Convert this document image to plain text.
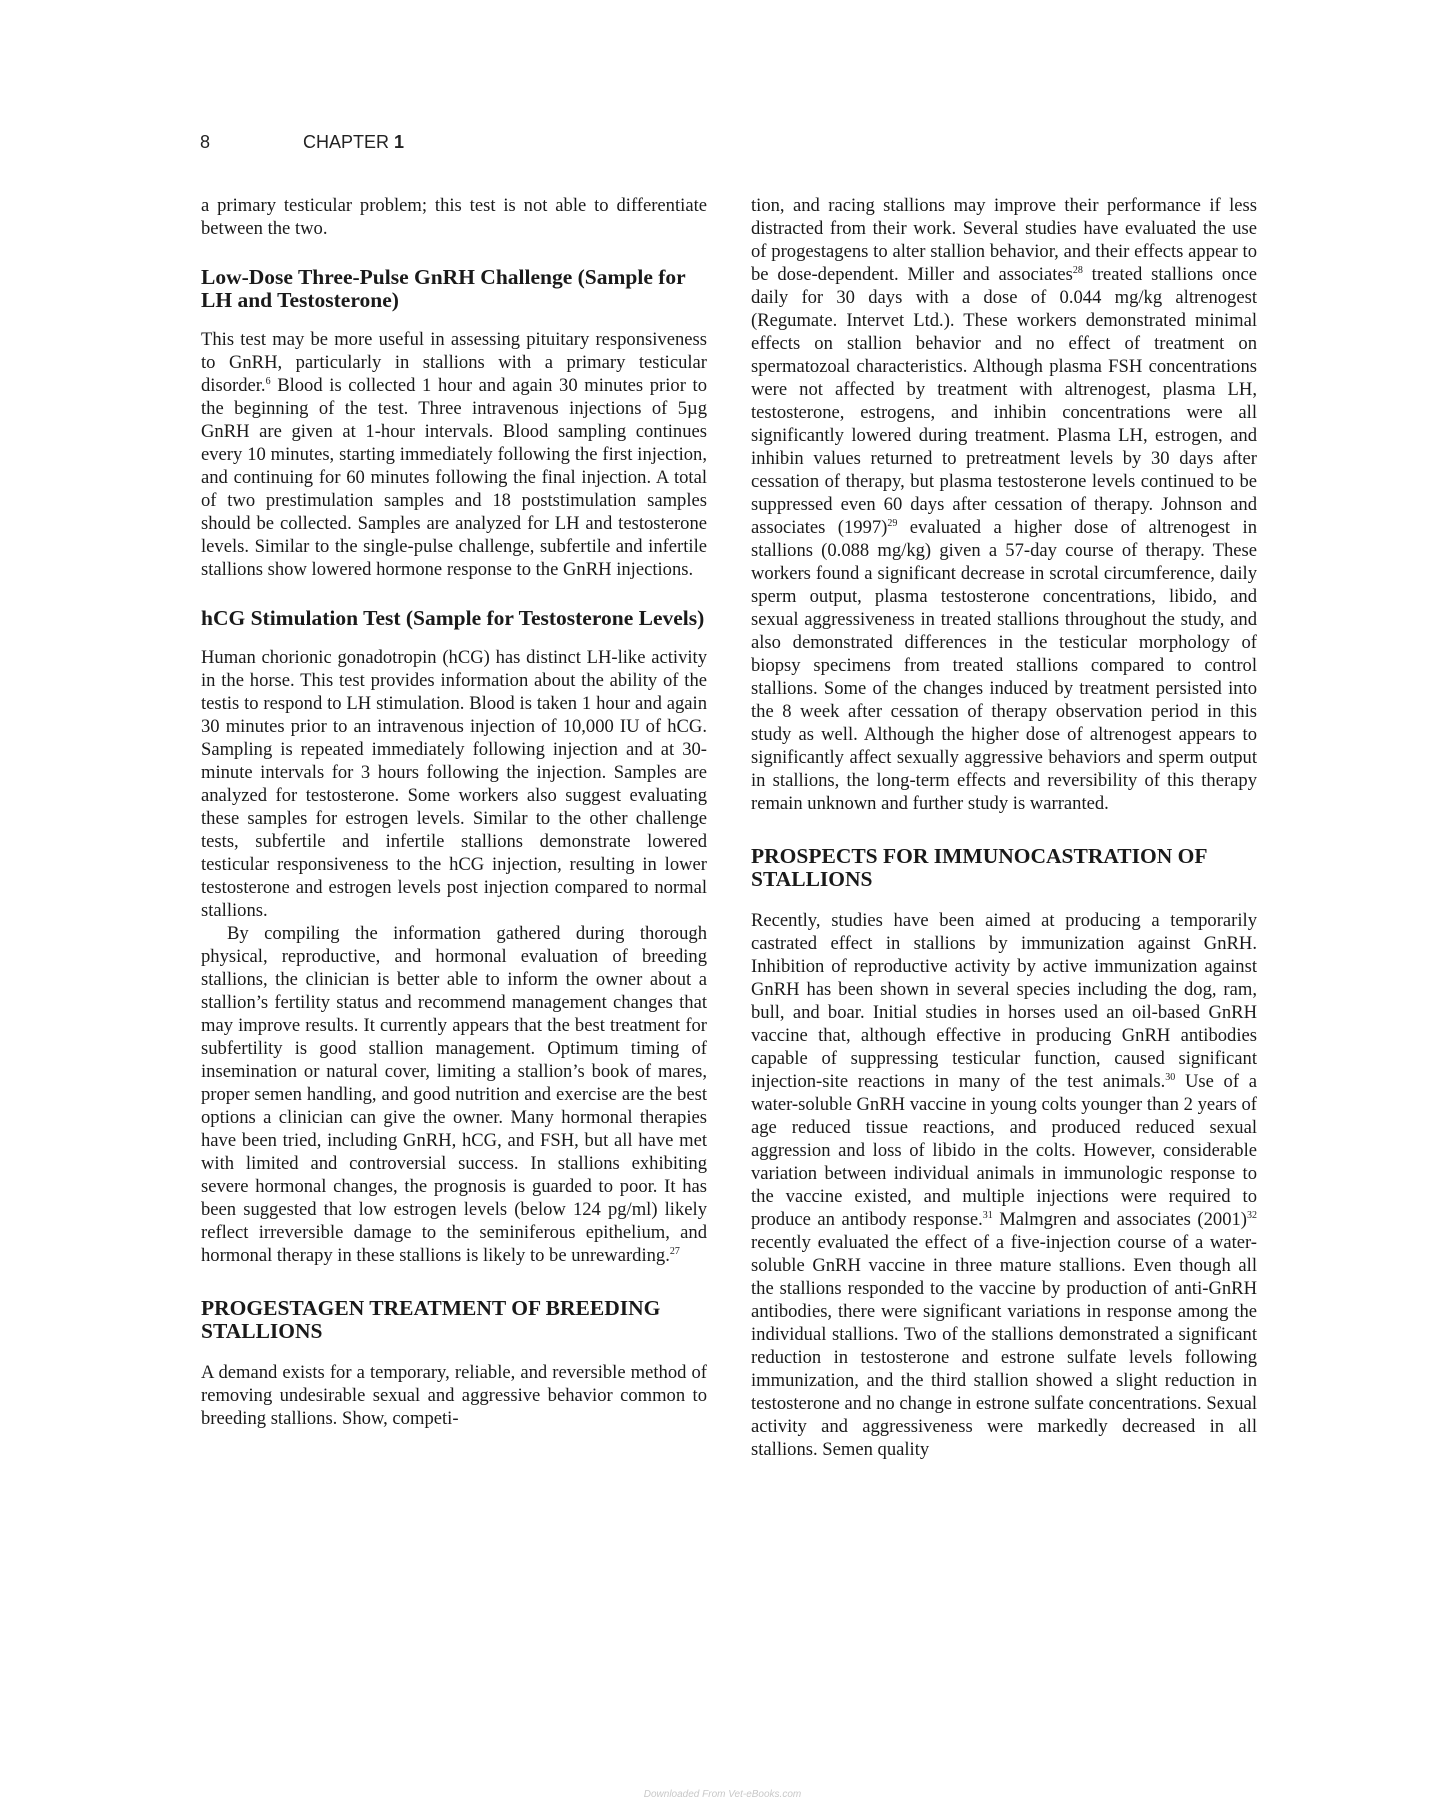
8	CHAPTER 1

a primary testicular problem; this test is not able to differentiate between the two.

Low-Dose Three-Pulse GnRH Challenge (Sample for LH and Testosterone)

This test may be more useful in assessing pituitary responsiveness to GnRH, particularly in stallions with a primary testicular disorder.$^6$ Blood is collected 1 hour and again 30 minutes prior to the beginning of the test. Three intravenous injections of 5µg GnRH are given at 1-hour intervals. Blood sampling continues every 10 minutes, starting immediately following the first injection, and continuing for 60 minutes following the final injection. A total of two prestimulation samples and 18 poststimulation samples should be collected. Samples are analyzed for LH and testosterone levels. Similar to the single-pulse challenge, subfertile and infertile stallions show lowered hormone response to the GnRH injections.

hCG Stimulation Test (Sample for Testosterone Levels)

Human chorionic gonadotropin (hCG) has distinct LH-like activity in the horse. This test provides information about the ability of the testis to respond to LH stimulation. Blood is taken 1 hour and again 30 minutes prior to an intravenous injection of 10,000 IU of hCG. Sampling is repeated immediately following injection and at 30-minute intervals for 3 hours following the injection. Samples are analyzed for testosterone. Some workers also suggest evaluating these samples for estrogen levels. Similar to the other challenge tests, subfertile and infertile stallions demonstrate lowered testicular responsiveness to the hCG injection, resulting in lower testosterone and estrogen levels post injection compared to normal stallions.

By compiling the information gathered during thorough physical, reproductive, and hormonal evaluation of breeding stallions, the clinician is better able to inform the owner about a stallion’s fertility status and recommend management changes that may improve results. It currently appears that the best treatment for subfertility is good stallion management. Optimum timing of insemination or natural cover, limiting a stallion’s book of mares, proper semen handling, and good nutrition and exercise are the best options a clinician can give the owner. Many hormonal therapies have been tried, including GnRH, hCG, and FSH, but all have met with limited and controversial success. In stallions exhibiting severe hormonal changes, the prognosis is guarded to poor. It has been suggested that low estrogen levels (below 124 pg/ml) likely reflect irreversible damage to the seminiferous epithelium, and hormonal therapy in these stallions is likely to be unrewarding.$^{27}$

PROGESTAGEN TREATMENT OF BREEDING STALLIONS

A demand exists for a temporary, reliable, and reversible method of removing undesirable sexual and aggressive behavior common to breeding stallions. Show, competi-

tion, and racing stallions may improve their performance if less distracted from their work. Several studies have evaluated the use of progestagens to alter stallion behavior, and their effects appear to be dose-dependent. Miller and associates$^{28}$ treated stallions once daily for 30 days with a dose of 0.044 mg/kg altrenogest (Regumate. Intervet Ltd.). These workers demonstrated minimal effects on stallion behavior and no effect of treatment on spermatozoal characteristics. Although plasma FSH concentrations were not affected by treatment with altrenogest, plasma LH, testosterone, estrogens, and inhibin concentrations were all significantly lowered during treatment. Plasma LH, estrogen, and inhibin values returned to pretreatment levels by 30 days after cessation of therapy, but plasma testosterone levels continued to be suppressed even 60 days after cessation of therapy. Johnson and associates $(1997)^{29}$ evaluated a higher dose of altrenogest in stallions (0.088 mg/kg) given a 57-day course of therapy. These workers found a significant decrease in scrotal circumference, daily sperm output, plasma testosterone concentrations, libido, and sexual aggressiveness in treated stallions throughout the study, and also demonstrated differences in the testicular morphology of biopsy specimens from treated stallions compared to control stallions. Some of the changes induced by treatment persisted into the 8 week after cessation of therapy observation period in this study as well. Although the higher dose of altrenogest appears to significantly affect sexually aggressive behaviors and sperm output in stallions, the long-term effects and reversibility of this therapy remain unknown and further study is warranted.

PROSPECTS FOR IMMUNOCASTRATION OF STALLIONS

Recently, studies have been aimed at producing a temporarily castrated effect in stallions by immunization against GnRH. Inhibition of reproductive activity by active immunization against GnRH has been shown in several species including the dog, ram, bull, and boar. Initial studies in horses used an oil-based GnRH vaccine that, although effective in producing GnRH antibodies capable of suppressing testicular function, caused significant injection-site reactions in many of the test animals.$^{30}$ Use of a water-soluble GnRH vaccine in young colts younger than 2 years of age reduced tissue reactions, and produced reduced sexual aggression and loss of libido in the colts. However, considerable variation between individual animals in immunologic response to the vaccine existed, and multiple injections were required to produce an antibody response.$^{31}$ Malmgren and associates $(2001)^{32}$ recently evaluated the effect of a five-injection course of a water-soluble GnRH vaccine in three mature stallions. Even though all the stallions responded to the vaccine by production of anti-GnRH antibodies, there were significant variations in response among the individual stallions. Two of the stallions demonstrated a significant reduction in testosterone and estrone sulfate levels following immunization, and the third stallion showed a slight reduction in testosterone and no change in estrone sulfate concentrations. Sexual activity and aggressiveness were markedly decreased in all stallions. Semen quality

Downloaded From Vet-eBooks.com
